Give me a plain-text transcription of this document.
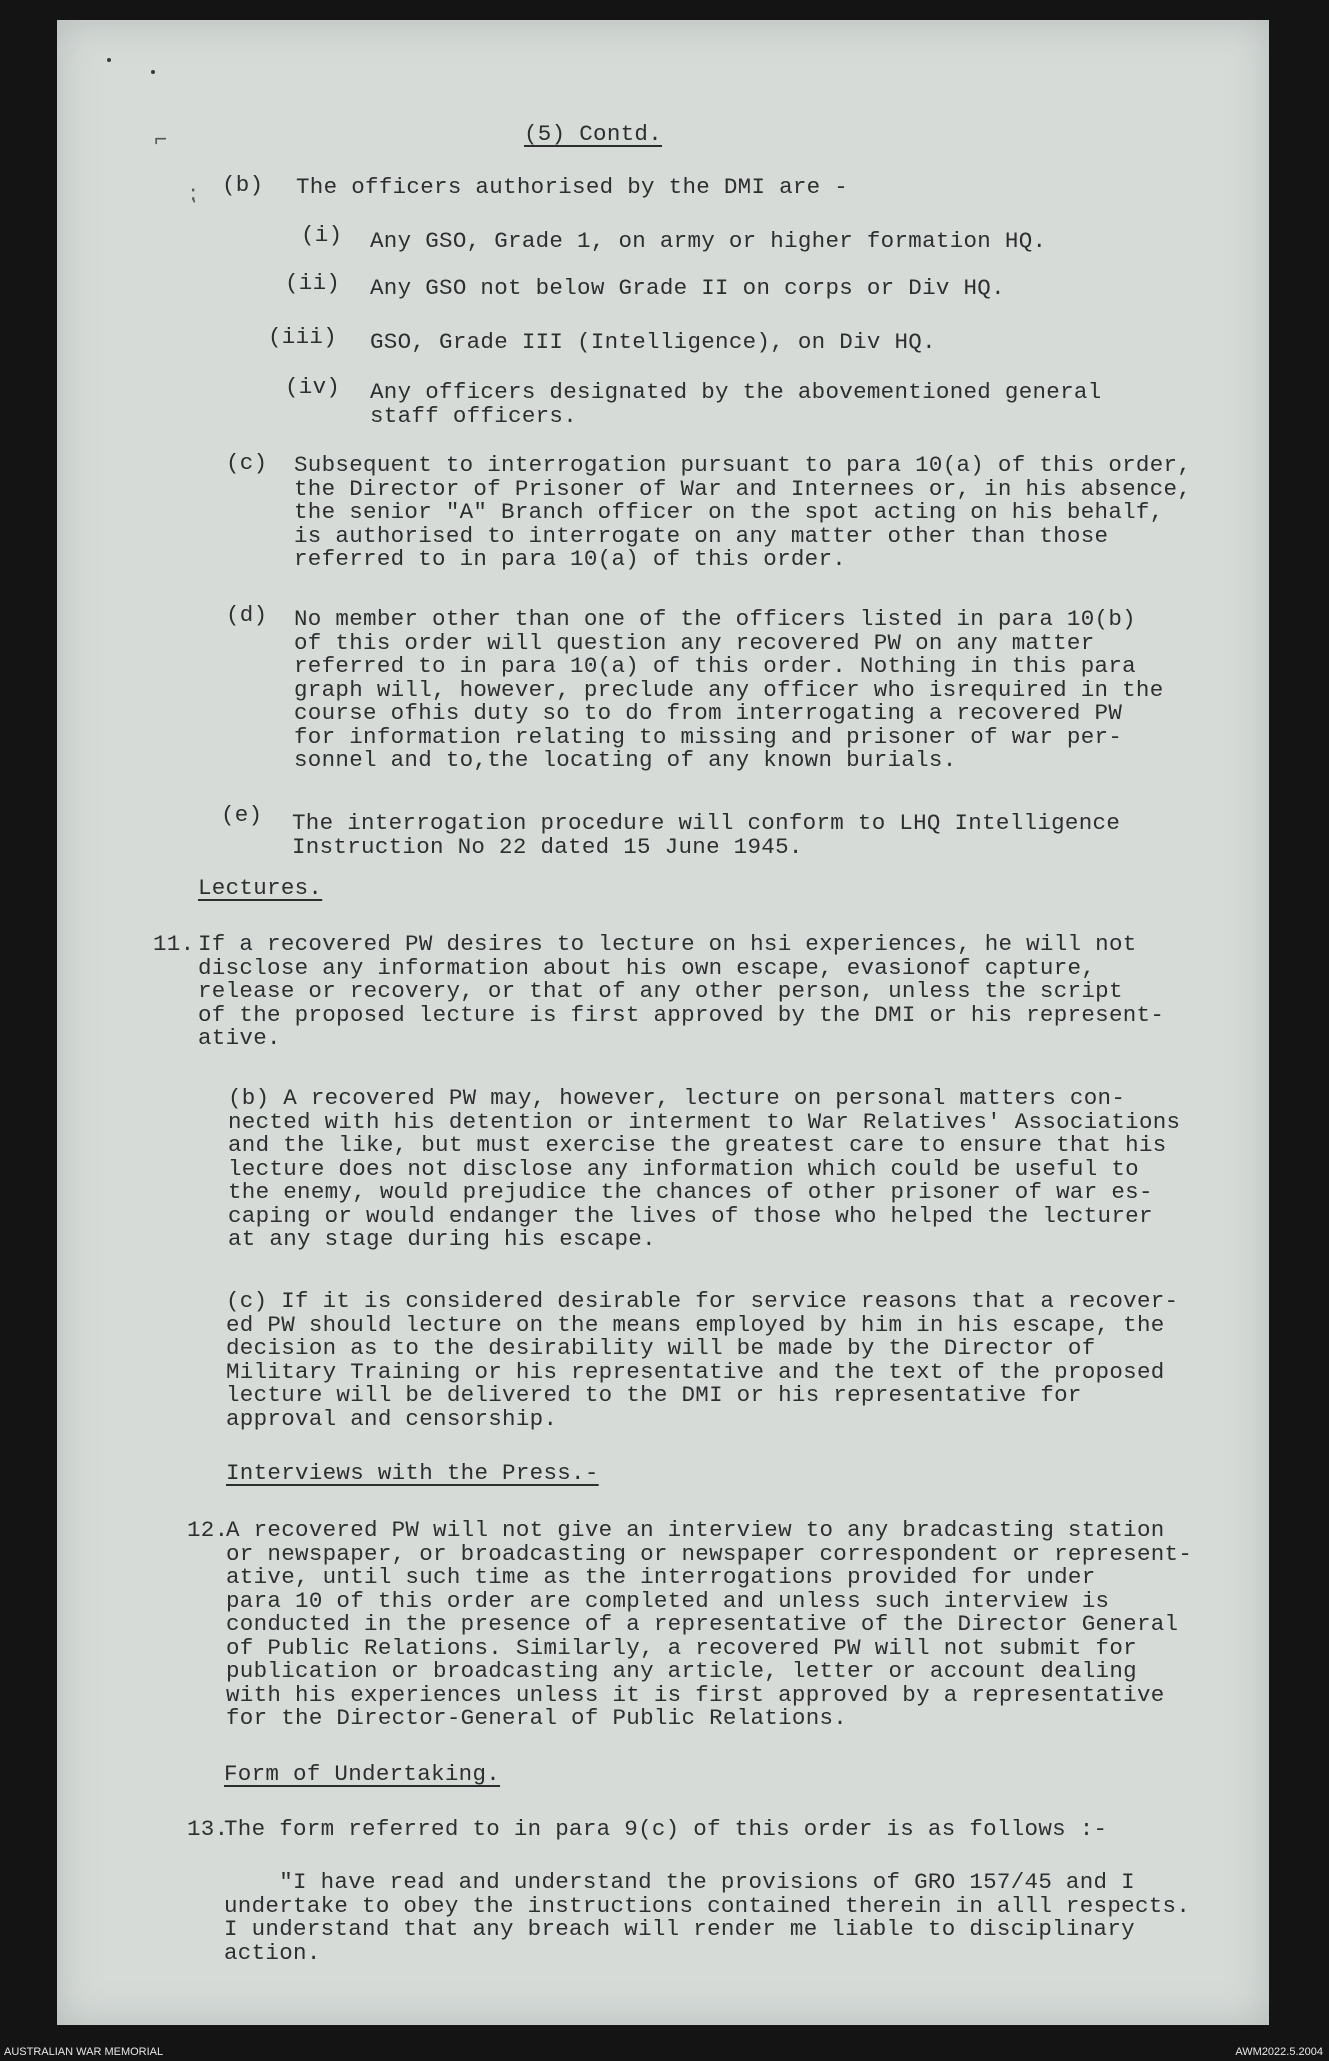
⌐
⁏

(5) Contd.

(b) The officers authorised by the DMI are -

(i) Any GSO, Grade 1, on army or higher formation HQ.

(ii) Any GSO not below Grade II on corps or Div HQ.

(iii) GSO, Grade III (Intelligence), on Div HQ.

(iv) Any officers designated by the abovementioned general
staff officers.

(c) Subsequent to interrogation pursuant to para 10(a) of this order,
the Director of Prisoner of War and Internees or, in his absence,
the senior "A" Branch officer on the spot acting on his behalf,
is authorised to interrogate on any matter other than those
referred to in para 10(a) of this order.

(d) No member other than one of the officers listed in para 10(b)
of this order will question any recovered PW on any matter
referred to in para 10(a) of this order. Nothing in this para
graph will, however, preclude any officer who isrequired in the
course ofhis duty so to do from interrogating a recovered PW
for information relating to missing and prisoner of war per-
sonnel and to,the locating of any known burials.

(e) The interrogation procedure will conform to LHQ Intelligence
Instruction No 22 dated 15 June 1945.

Lectures.

11. If a recovered PW desires to lecture on hsi experiences, he will not
disclose any information about his own escape, evasionof capture,
release or recovery, or that of any other person, unless the script
of the proposed lecture is first approved by the DMI or his represent-
ative.

(b) A recovered PW may, however, lecture on personal matters con-
nected with his detention or interment to War Relatives' Associations
and the like, but must exercise the greatest care to ensure that his
lecture does not disclose any information which could be useful to
the enemy, would prejudice the chances of other prisoner of war es-
caping or would endanger the lives of those who helped the lecturer
at any stage during his escape.

(c) If it is considered desirable for service reasons that a recover-
ed PW should lecture on the means employed by him in his escape, the
decision as to the desirability will be made by the Director of
Military Training or his representative and the text of the proposed
lecture will be delivered to the DMI or his representative for
approval and censorship.

Interviews with the Press.-

12.

A recovered PW will not give an interview to any bradcasting station
or newspaper, or broadcasting or newspaper correspondent or represent-
ative, until such time as the interrogations provided for under
para 10 of this order are completed and unless such interview is
conducted in the presence of a representative of the Director General
of Public Relations. Similarly, a recovered PW will not submit for
publication or broadcasting any article, letter or account dealing
with his experiences unless it is first approved by a representative
for the Director-General of Public Relations.

Form of Undertaking.

13.

The form referred to in para 9(c) of this order is as follows :-

"I have read and understand the provisions of GRO 157/45 and I
undertake to obey the instructions contained therein in alll respects.
I understand that any breach will render me liable to disciplinary
action.

AUSTRALIAN WAR MEMORIAL	AWM2022.5.2004
